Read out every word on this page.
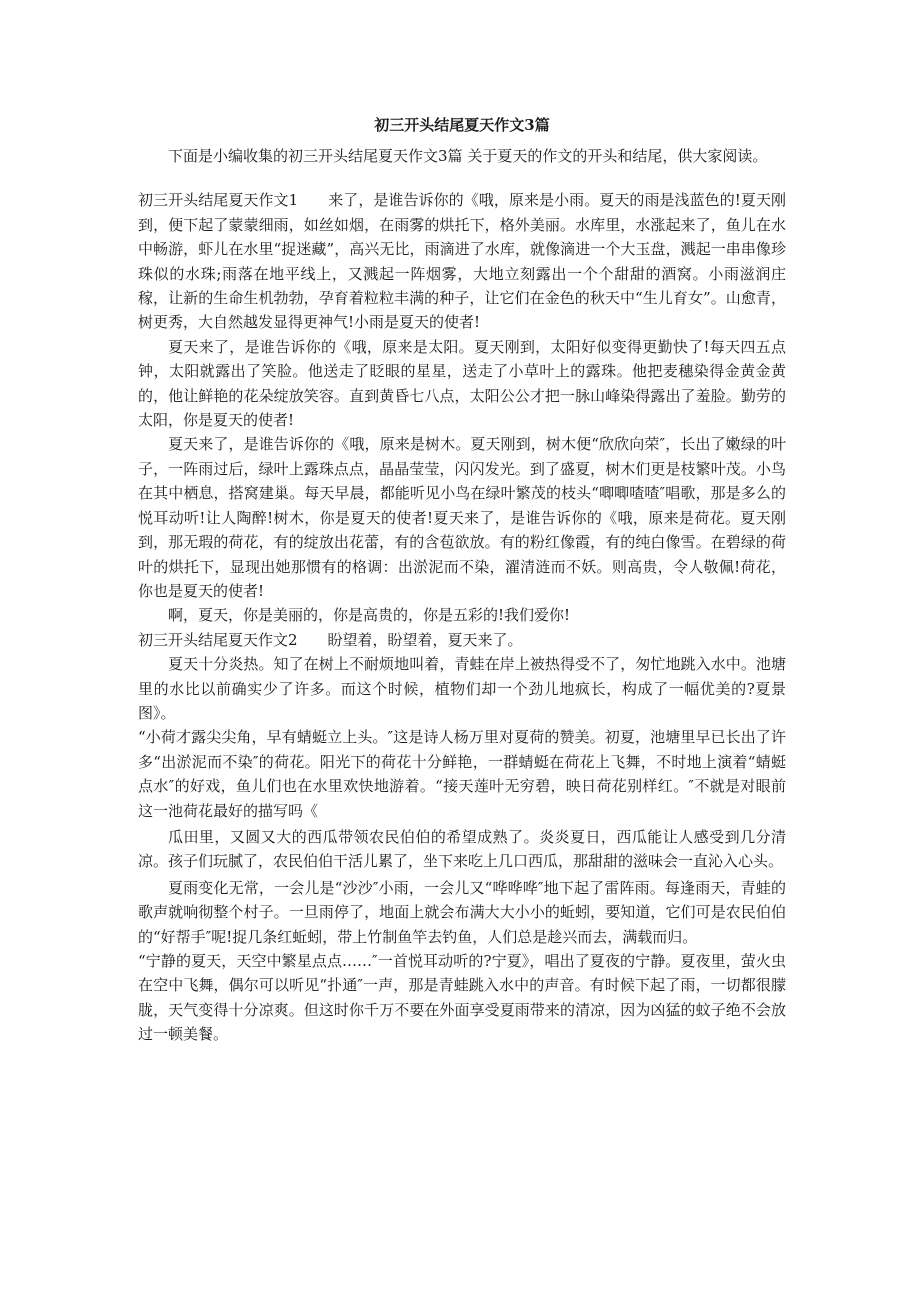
初三开头结尾夏天作文3篇

下面是小编收集的初三开头结尾夏天作文3篇 关于夏天的作文的开头和结尾，供大家阅读。

初三开头结尾夏天作文1 来了，是谁告诉你的《哦，原来是小雨。夏天的雨是浅蓝色的!夏天刚到，便下起了蒙蒙细雨，如丝如烟，在雨雾的烘托下，格外美丽。水库里，水涨起来了，鱼儿在水中畅游，虾儿在水里“捉迷藏”，高兴无比，雨滴进了水库，就像滴进一个大玉盘，溅起一串串像珍珠似的水珠;雨落在地平线上，又溅起一阵烟雾，大地立刻露出一个个甜甜的酒窝。小雨滋润庄稼，让新的生命生机勃勃，孕育着粒粒丰满的种子，让它们在金色的秋天中“生儿育女”。山愈青，树更秀，大自然越发显得更神气!小雨是夏天的使者!

夏天来了，是谁告诉你的《哦，原来是太阳。夏天刚到，太阳好似变得更勤快了!每天四五点钟，太阳就露出了笑脸。他送走了眨眼的星星，送走了小草叶上的露珠。他把麦穗染得金黄金黄的，他让鲜艳的花朵绽放笑容。直到黄昏七八点，太阳公公才把一脉山峰染得露出了羞脸。勤劳的太阳，你是夏天的使者!

夏天来了，是谁告诉你的《哦，原来是树木。夏天刚到，树木便“欣欣向荣″，长出了嫩绿的叶子，一阵雨过后，绿叶上露珠点点，晶晶莹莹，闪闪发光。到了盛夏，树木们更是枝繁叶茂。小鸟在其中栖息，搭窝建巢。每天早晨，都能听见小鸟在绿叶繁茂的枝头“唧唧喳喳″唱歌，那是多么的悦耳动听!让人陶醉!树木，你是夏天的使者!夏天来了，是谁告诉你的《哦，原来是荷花。夏天刚到，那无瑕的荷花，有的绽放出花蕾，有的含苞欲放。有的粉红像霞，有的纯白像雪。在碧绿的荷叶的烘托下，显现出她那惯有的格调：出淤泥而不染，濯清涟而不妖。则高贵，令人敬佩!荷花，你也是夏天的使者!

啊，夏天，你是美丽的，你是高贵的，你是五彩的!我们爱你!

初三开头结尾夏天作文2 盼望着，盼望着，夏天来了。

夏天十分炎热。知了在树上不耐烦地叫着，青蛙在岸上被热得受不了，匆忙地跳入水中。池塘里的水比以前确实少了许多。而这个时候，植物们却一个劲儿地疯长，构成了一幅优美的?夏景图》。

“小荷才露尖尖角，早有蜻蜓立上头。″这是诗人杨万里对夏荷的赞美。初夏，池塘里早已长出了许多“出淤泥而不染″的荷花。阳光下的荷花十分鲜艳，一群蜻蜓在荷花上飞舞，不时地上演着“蜻蜓点水″的好戏，鱼儿们也在水里欢快地游着。“接天莲叶无穷碧，映日荷花别样红。″不就是对眼前这一池荷花最好的描写吗《

瓜田里，又圆又大的西瓜带领农民伯伯的希望成熟了。炎炎夏日，西瓜能让人感受到几分清凉。孩子们玩腻了，农民伯伯干活儿累了，坐下来吃上几口西瓜，那甜甜的滋味会一直沁入心头。

夏雨变化无常，一会儿是“沙沙″小雨，一会儿又“哗哗哗″地下起了雷阵雨。每逢雨天，青蛙的歌声就响彻整个村子。一旦雨停了，地面上就会布满大大小小的蚯蚓，要知道，它们可是农民伯伯的“好帮手″呢!捉几条红蚯蚓，带上竹制鱼竿去钓鱼，人们总是趁兴而去，满载而归。

“宁静的夏天，天空中繁星点点……″一首悦耳动听的?宁夏》，唱出了夏夜的宁静。夏夜里，萤火虫在空中飞舞，偶尔可以听见“扑通″一声，那是青蛙跳入水中的声音。有时候下起了雨，一切都很朦胧，天气变得十分凉爽。但这时你千万不要在外面享受夏雨带来的清凉，因为凶猛的蚊子绝不会放过一顿美餐。
